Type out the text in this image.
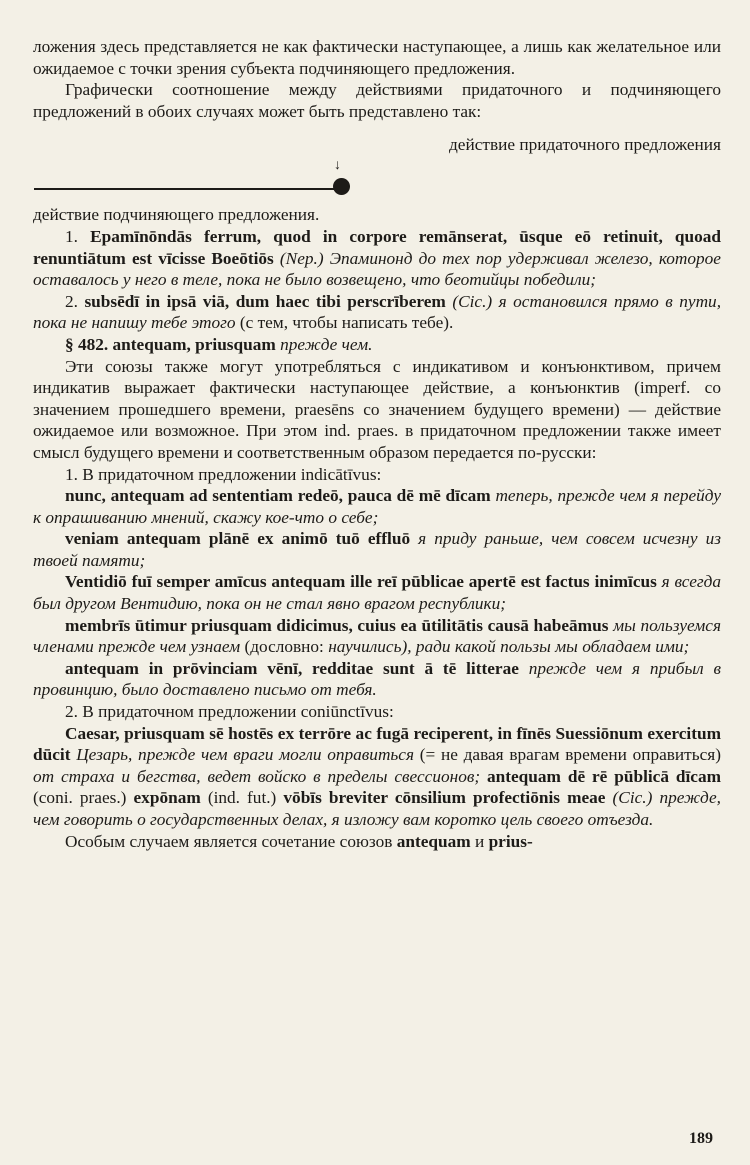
ложения здесь представляется не как фактически наступающее, а лишь как желательное или ожидаемое с точки зрения субъекта подчиняющего предложения.

Графически соотношение между действиями придаточного и подчиняющего предложений в обоих случаях может быть представлено так:

действие придаточного предложения
↓

действие подчиняющего предложения.

1. Epamīnōndās ferrum, quod in corpore remānserat, ūsque eō retinuit, quoad renuntiātum est vīcisse Boeōtiōs (Nep.) Эпаминонд до тех пор удерживал железо, которое оставалось у него в теле, пока не было возвещено, что беотийцы победили;

2. subsēdī in ipsā viā, dum haec tibi perscrīberem (Cic.) я остановился прямо в пути, пока не напишу тебе этого (с тем, чтобы написать тебе).

§ 482. antequam, priusquam прежде чем.

Эти союзы также могут употребляться с индикативом и конъюнктивом, причем индикатив выражает фактически наступающее действие, а конъюнктив (imperf. со значением прошедшего времени, praesēns со значением будущего времени) — действие ожидаемое или возможное. При этом ind. praes. в придаточном предложении также имеет смысл будущего времени и соответственным образом передается по-русски:

1. В придаточном предложении indicātīvus:

nunc, antequam ad sententiam redeō, pauca dē mē dīcam теперь, прежде чем я перейду к опрашиванию мнений, скажу кое-что о себе;

veniam antequam plānē ex animō tuō effluō я приду раньше, чем совсем исчезну из твоей памяти;

Ventidiō fuī semper amīcus antequam ille reī pūblicae apertē est factus inimīcus я всегда был другом Вентидию, пока он не стал явно врагом республики;

membrīs ūtimur priusquam didicimus, cuius ea ūtilitātis causā habeāmus мы пользуемся членами прежде чем узнаем (дословно: научились), ради какой пользы мы обладаем ими;

antequam in prōvinciam vēnī, redditae sunt ā tē litterae прежде чем я прибыл в провинцию, было доставлено письмо от тебя.

2. В придаточном предложении coniūnctīvus:

Caesar, priusquam sē hostēs ex terrōre ac fugā reciperent, in fīnēs Suessiōnum exercitum dūcit Цезарь, прежде чем враги могли оправиться (= не давая врагам времени оправиться) от страха и бегства, ведет войско в пределы свессионов; antequam dē rē pūblicā dīcam (coni. praes.) expōnam (ind. fut.) vōbīs breviter cōnsilium profectiōnis meae (Cic.) прежде, чем говорить о государственных делах, я изложу вам коротко цель своего отъезда.

Особым случаем является сочетание союзов antequam и prius-

189
